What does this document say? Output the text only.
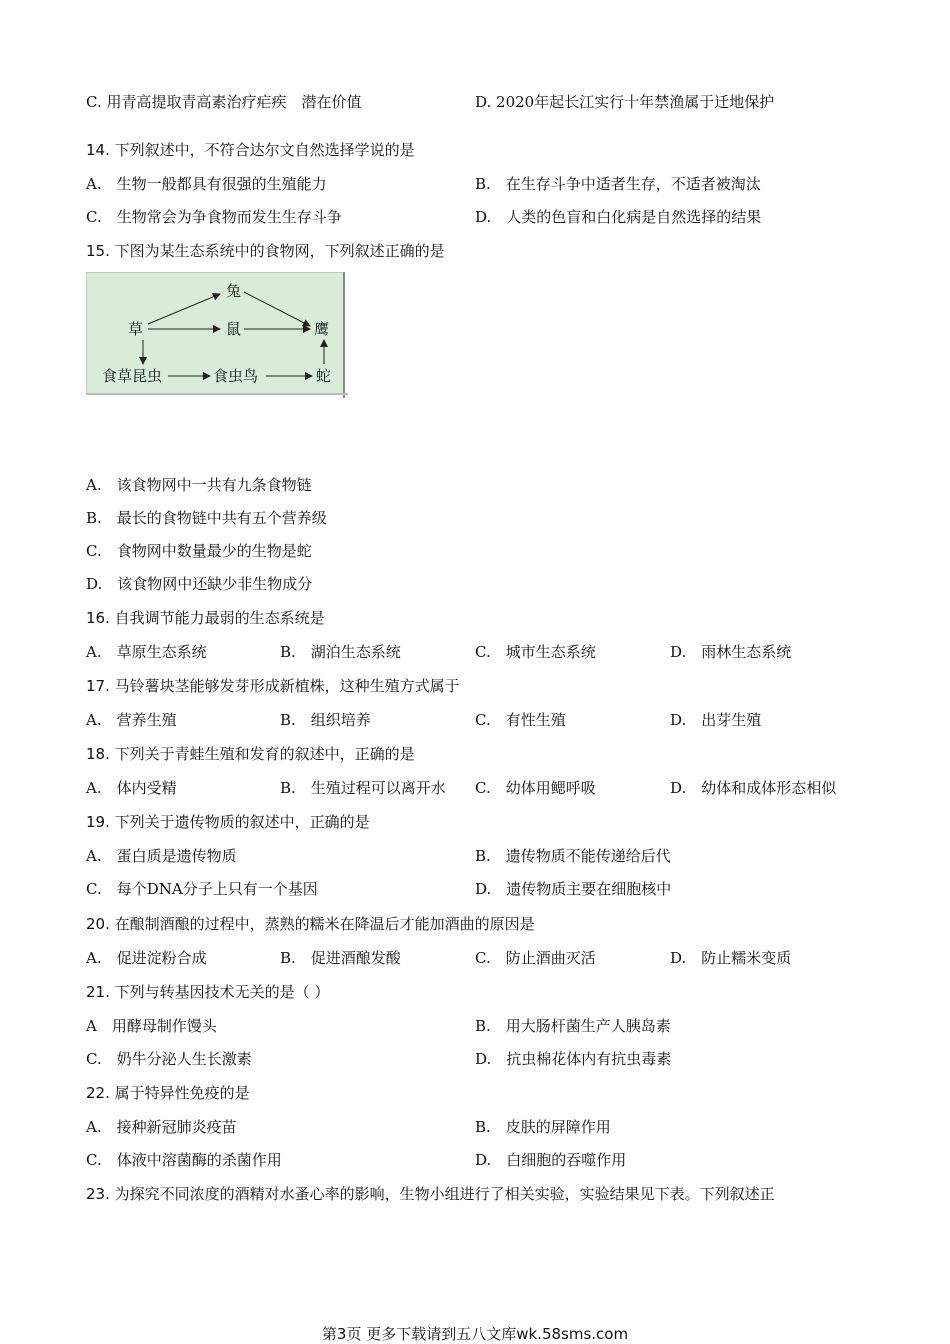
C. 用青高提取青高素治疗疟疾　潜在价值	D. 2020年起长江实行十年禁渔属于迁地保护
14. 下列叙述中，不符合达尔文自然选择学说的是
A.　生物一般都具有很强的生殖能力	B.　在生存斗争中适者生存，不适者被淘汰
C.　生物常会为争食物而发生生存斗争	D.　人类的色盲和白化病是自然选择的结果
15. 下图为某生态系统中的食物网，下列叙述正确的是
兔
草	鼠	鹰
食草昆虫	食虫鸟	蛇
A.　该食物网中一共有九条食物链
B.　最长的食物链中共有五个营养级
C.　食物网中数量最少的生物是蛇
D.　该食物网中还缺少非生物成分
16. 自我调节能力最弱的生态系统是
A.　草原生态系统	B.　湖泊生态系统	C.　城市生态系统	D.　雨林生态系统
17. 马铃薯块茎能够发芽形成新植株，这种生殖方式属于
A.　营养生殖	B.　组织培养	C.　有性生殖	D.　出芽生殖
18. 下列关于青蛙生殖和发育的叙述中，正确的是
A.　体内受精	B.　生殖过程可以离开水 C.　幼体用鳃呼吸	D.　幼体和成体形态相似
19. 下列关于遗传物质的叙述中，正确的是
A.　蛋白质是遗传物质	B.　遗传物质不能传递给后代
C.　每个DNA分子上只有一个基因	D.　遗传物质主要在细胞核中
20. 在酿制酒酿的过程中，蒸熟的糯米在降温后才能加酒曲的原因是
A.　促进淀粉合成	B.　促进酒酿发酸	C.　防止酒曲灭活	D.　防止糯米变质
21. 下列与转基因技术无关的是（ ）
A　用酵母制作馒头	B.　用大肠杆菌生产人胰岛素
C.　奶牛分泌人生长激素	D.　抗虫棉花体内有抗虫毒素
22. 属于特异性免疫的是
A.　接种新冠肺炎疫苗	B.　皮肤的屏障作用
C.　体液中溶菌酶的杀菌作用	D.　白细胞的吞噬作用
23. 为探究不同浓度的酒精对水蚤心率的影响，生物小组进行了相关实验，实验结果见下表。下列叙述正
第3页 更多下载请到五八文库wk.58sms.com
